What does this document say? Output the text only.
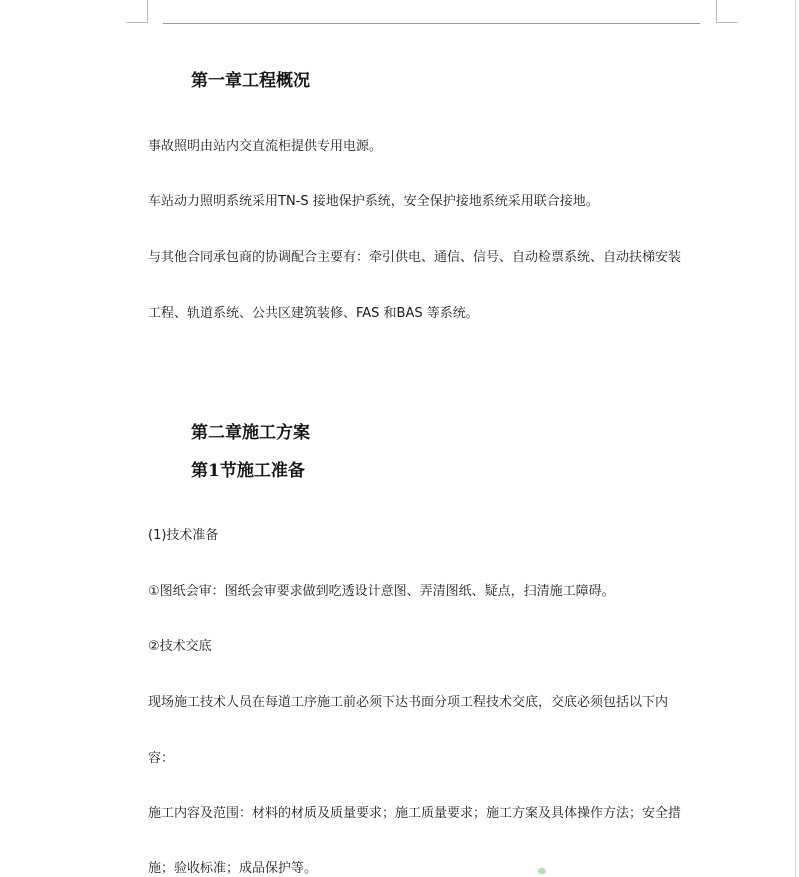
第一章工程概况
事故照明由站内交直流柜提供专用电源。
车站动力照明系统采用TN-S 接地保护系统，安全保护接地系统采用联合接地。
与其他合同承包商的协调配合主要有：牵引供电、通信、信号、自动检票系统、自动扶梯安装
工程、轨道系统、公共区建筑装修、FAS 和BAS 等系统。
第二章施工方案
第1节施工准备
(1)技术准备
①图纸会审：图纸会审要求做到吃透设计意图、弄清图纸、疑点，扫清施工障碍。
②技术交底
现场施工技术人员在每道工序施工前必须下达书面分项工程技术交底，交底必须包括以下内
容：
施工内容及范围：材料的材质及质量要求；施工质量要求；施工方案及具体操作方法；安全措
施；验收标准；成品保护等。
